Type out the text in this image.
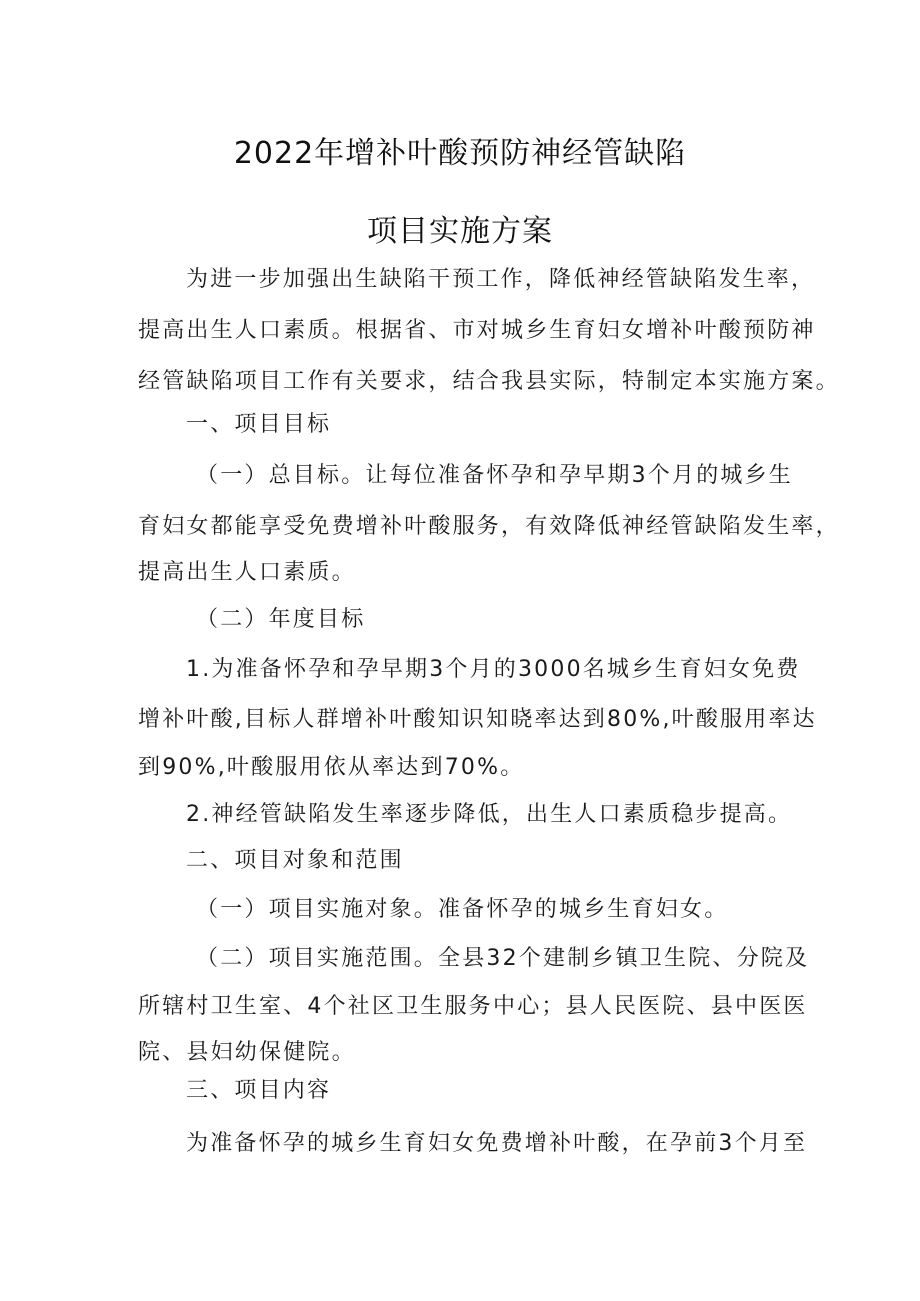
2022年增补叶酸预防神经管缺陷
项目实施方案
为进一步加强出生缺陷干预工作，降低神经管缺陷发生率，
提高出生人口素质。根据省、市对城乡生育妇女增补叶酸预防神
经管缺陷项目工作有关要求，结合我县实际，特制定本实施方案。
一、项目目标
（一）总目标。让每位准备怀孕和孕早期3个月的城乡生
育妇女都能享受免费增补叶酸服务，有效降低神经管缺陷发生率，
提高出生人口素质。
（二）年度目标
1.为准备怀孕和孕早期3个月的3000名城乡生育妇女免费
增补叶酸,目标人群增补叶酸知识知晓率达到80%,叶酸服用率达
到90%,叶酸服用依从率达到70%。
2.神经管缺陷发生率逐步降低，出生人口素质稳步提高。
二、项目对象和范围
（一）项目实施对象。准备怀孕的城乡生育妇女。
（二）项目实施范围。全县32个建制乡镇卫生院、分院及
所辖村卫生室、4个社区卫生服务中心；县人民医院、县中医医
院、县妇幼保健院。
三、项目内容
为准备怀孕的城乡生育妇女免费增补叶酸，在孕前3个月至
